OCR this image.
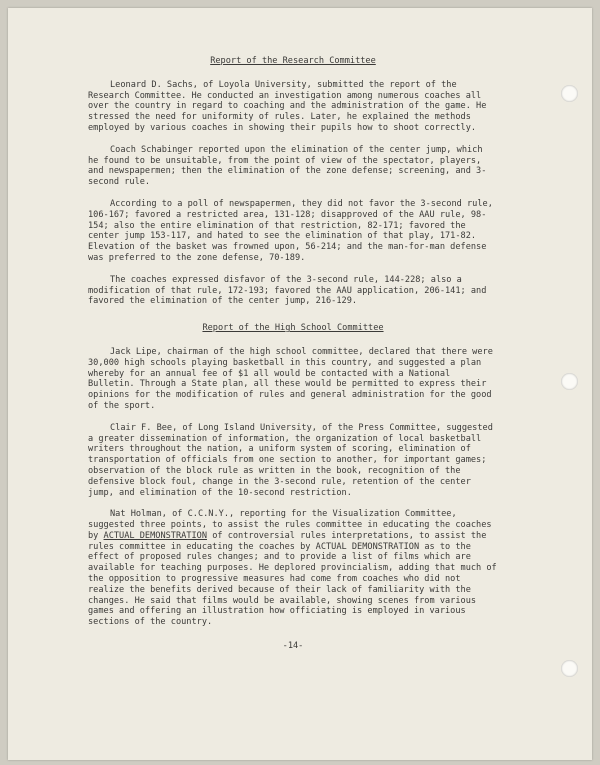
Report of the Research Committee

Leonard D. Sachs, of Loyola University, submitted the report of the Research Committee. He conducted an investigation among numerous coaches all over the country in regard to coaching and the administration of the game. He stressed the need for uniformity of rules. Later, he explained the methods employed by various coaches in showing their pupils how to shoot correctly.

Coach Schabinger reported upon the elimination of the center jump, which he found to be unsuitable, from the point of view of the spectator, players, and newspapermen; then the elimination of the zone defense; screening, and 3-second rule.

According to a poll of newspapermen, they did not favor the 3-second rule, 106-167; favored a restricted area, 131-128; disapproved of the AAU rule, 98-154; also the entire elimination of that restriction, 82-171; favored the center jump 153-117, and hated to see the elimination of that play, 171-82. Elevation of the basket was frowned upon, 56-214; and the man-for-man defense was preferred to the zone defense, 70-189.

The coaches expressed disfavor of the 3-second rule, 144-228; also a modification of that rule, 172-193; favored the AAU application, 206-141; and favored the elimination of the center jump, 216-129.

Report of the High School Committee

Jack Lipe, chairman of the high school committee, declared that there were 30,000 high schools playing basketball in this country, and suggested a plan whereby for an annual fee of $1 all would be contacted with a National Bulletin. Through a State plan, all these would be permitted to express their opinions for the modification of rules and general administration for the good of the sport.

Clair F. Bee, of Long Island University, of the Press Committee, suggested a greater dissemination of information, the organization of local basketball writers throughout the nation, a uniform system of scoring, elimination of transportation of officials from one section to another, for important games; observation of the block rule as written in the book, recognition of the defensive block foul, change in the 3-second rule, retention of the center jump, and elimination of the 10-second restriction.

Nat Holman, of C.C.N.Y., reporting for the Visualization Committee, suggested three points, to assist the rules committee in educating the coaches by ACTUAL DEMONSTRATION of controversial rules interpretations, to assist the rules committee in educating the coaches by ACTUAL DEMONSTRATION as to the effect of proposed rules changes; and to provide a list of films which are available for teaching purposes. He deplored provincialism, adding that much of the opposition to progressive measures had come from coaches who did not realize the benefits derived because of their lack of familiarity with the changes. He said that films would be available, showing scenes from various games and offering an illustration how officiating is employed in various sections of the country.

-14-
